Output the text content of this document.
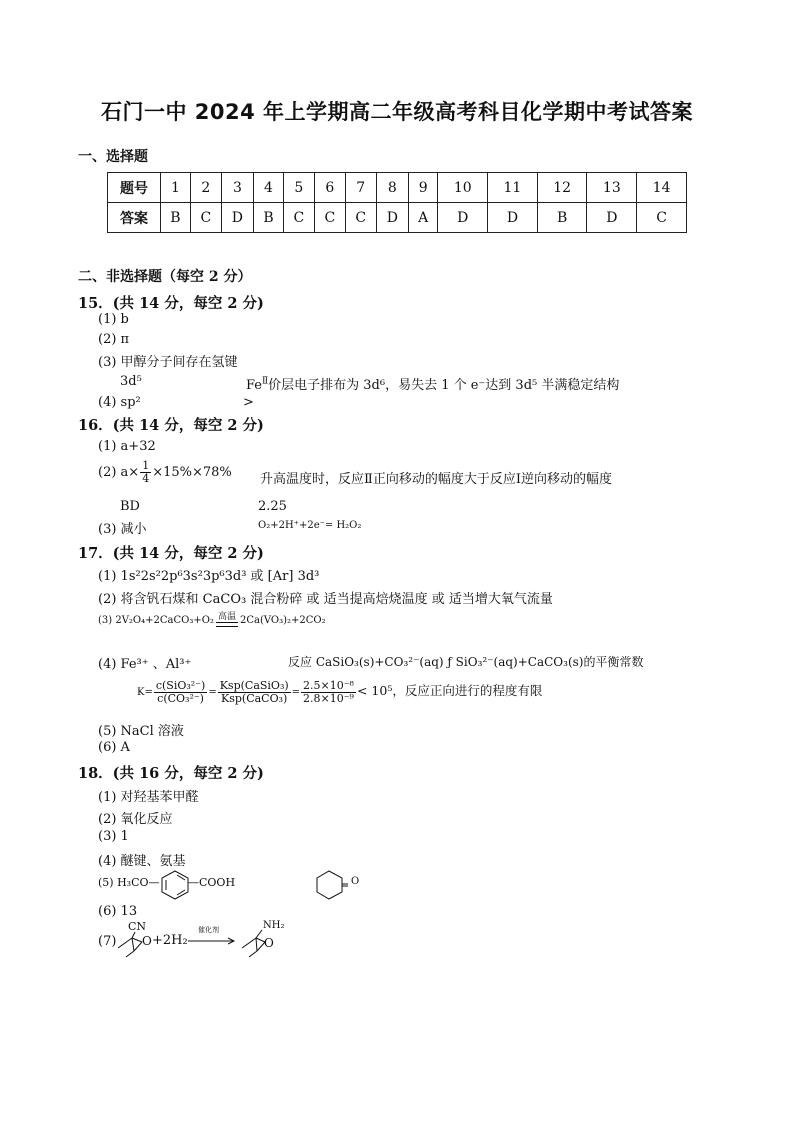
石门一中 2024 年上学期高二年级高考科目化学期中考试答案
一、选择题
题号	1	2	3	4	5	6	7	8	9	10	11	12	13	14
答案	B	C	D	B	C	C	C	D	A	D	D	B	D	C
二、非选择题（每空 2 分）
15．(共 14 分，每空 2 分)
(1) b
(2) π
(3) 甲醇分子间存在氢键
3d⁵	$Fe^Ⅱ$价层电子排布为 3d⁶，易失去 1 个 e⁻达到 3d⁵ 半满稳定结构
(4) sp²	>
16．(共 14 分，每空 2 分)
(1) a+32
(2) $a\times \frac{1}{4} \times 15\%\times 78\%$ 升高温度时，反应Ⅱ正向移动的幅度大于反应Ⅰ逆向移动的幅度
BD	2.25
(3) 减小	O₂+2H⁺+2e⁻= H₂O₂
17．(共 14 分，每空 2 分)
(1) 1s²2s²2p⁶3s²3p⁶3d³ 或 [Ar] 3d³
(2) 将含钒石煤和 CaCO₃ 混合粉碎 或 适当提高焙烧温度 或 适当增大氧气流量
(3) 2V₂O₄+2CaCO₃+O₂ 高温 2Ca(VO₃)₂+2CO₂
(4) Fe³⁺ 、Al³⁺	反应 CaSiO₃(s)+CO₃²⁻(aq) ƒ SiO₃²⁻(aq)+CaCO₃(s)的平衡常数
$K= \frac{\text{c(SiO₃²⁻)}}{\text{c(CO₃²⁻)}} = \frac{\text{Ksp(CaSiO₃)}}{\text{Ksp(CaCO₃)}} = \frac{\text{2.5×10⁻⁸}}{\text{2.8×10⁻⁹}} < 10^5$，反应正向进行的程度有限
(5) NaCl 溶液
(6) A
18．(共 16 分，每空 2 分)
(1) 对羟基苯甲醛
(2) 氧化反应
(3) 1
(4) 醚键、氨基
(5) H₃CO—	—COOH	O
(6) 13
(7)
CN
O +2H₂
催化剂	NH₂
O
